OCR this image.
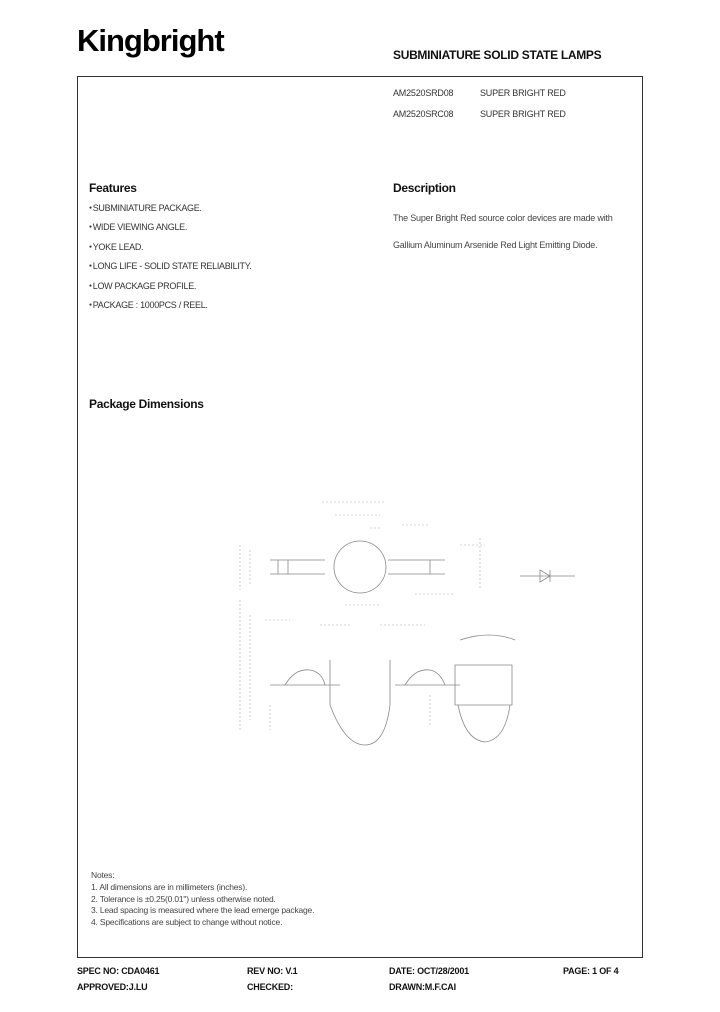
Kingbright	SUBMINIATURE SOLID STATE LAMPS
AM2520SRD08	SUPER BRIGHT RED
AM2520SRC08	SUPER BRIGHT RED
Features
● SUBMINIATURE PACKAGE.
● WIDE VIEWING ANGLE.
● YOKE LEAD.
● LONG LIFE - SOLID STATE RELIABILITY.
● LOW PACKAGE PROFILE.
● PACKAGE : 1000PCS / REEL.
Description
The Super Bright Red source color devices are made with Gallium Aluminum Arsenide Red Light Emitting Diode.
Package Dimensions
Notes:
1. All dimensions are in millimeters (inches).
2. Tolerance is ±0.25(0.01") unless otherwise noted.
3. Lead spacing is measured where the lead emerge package.
4. Specifications are subject to change without notice.
SPEC NO: CDA0461	REV NO: V.1	DATE: OCT/28/2001	PAGE: 1 OF 4
APPROVED:J.LU	CHECKED:	DRAWN:M.F.CAI
